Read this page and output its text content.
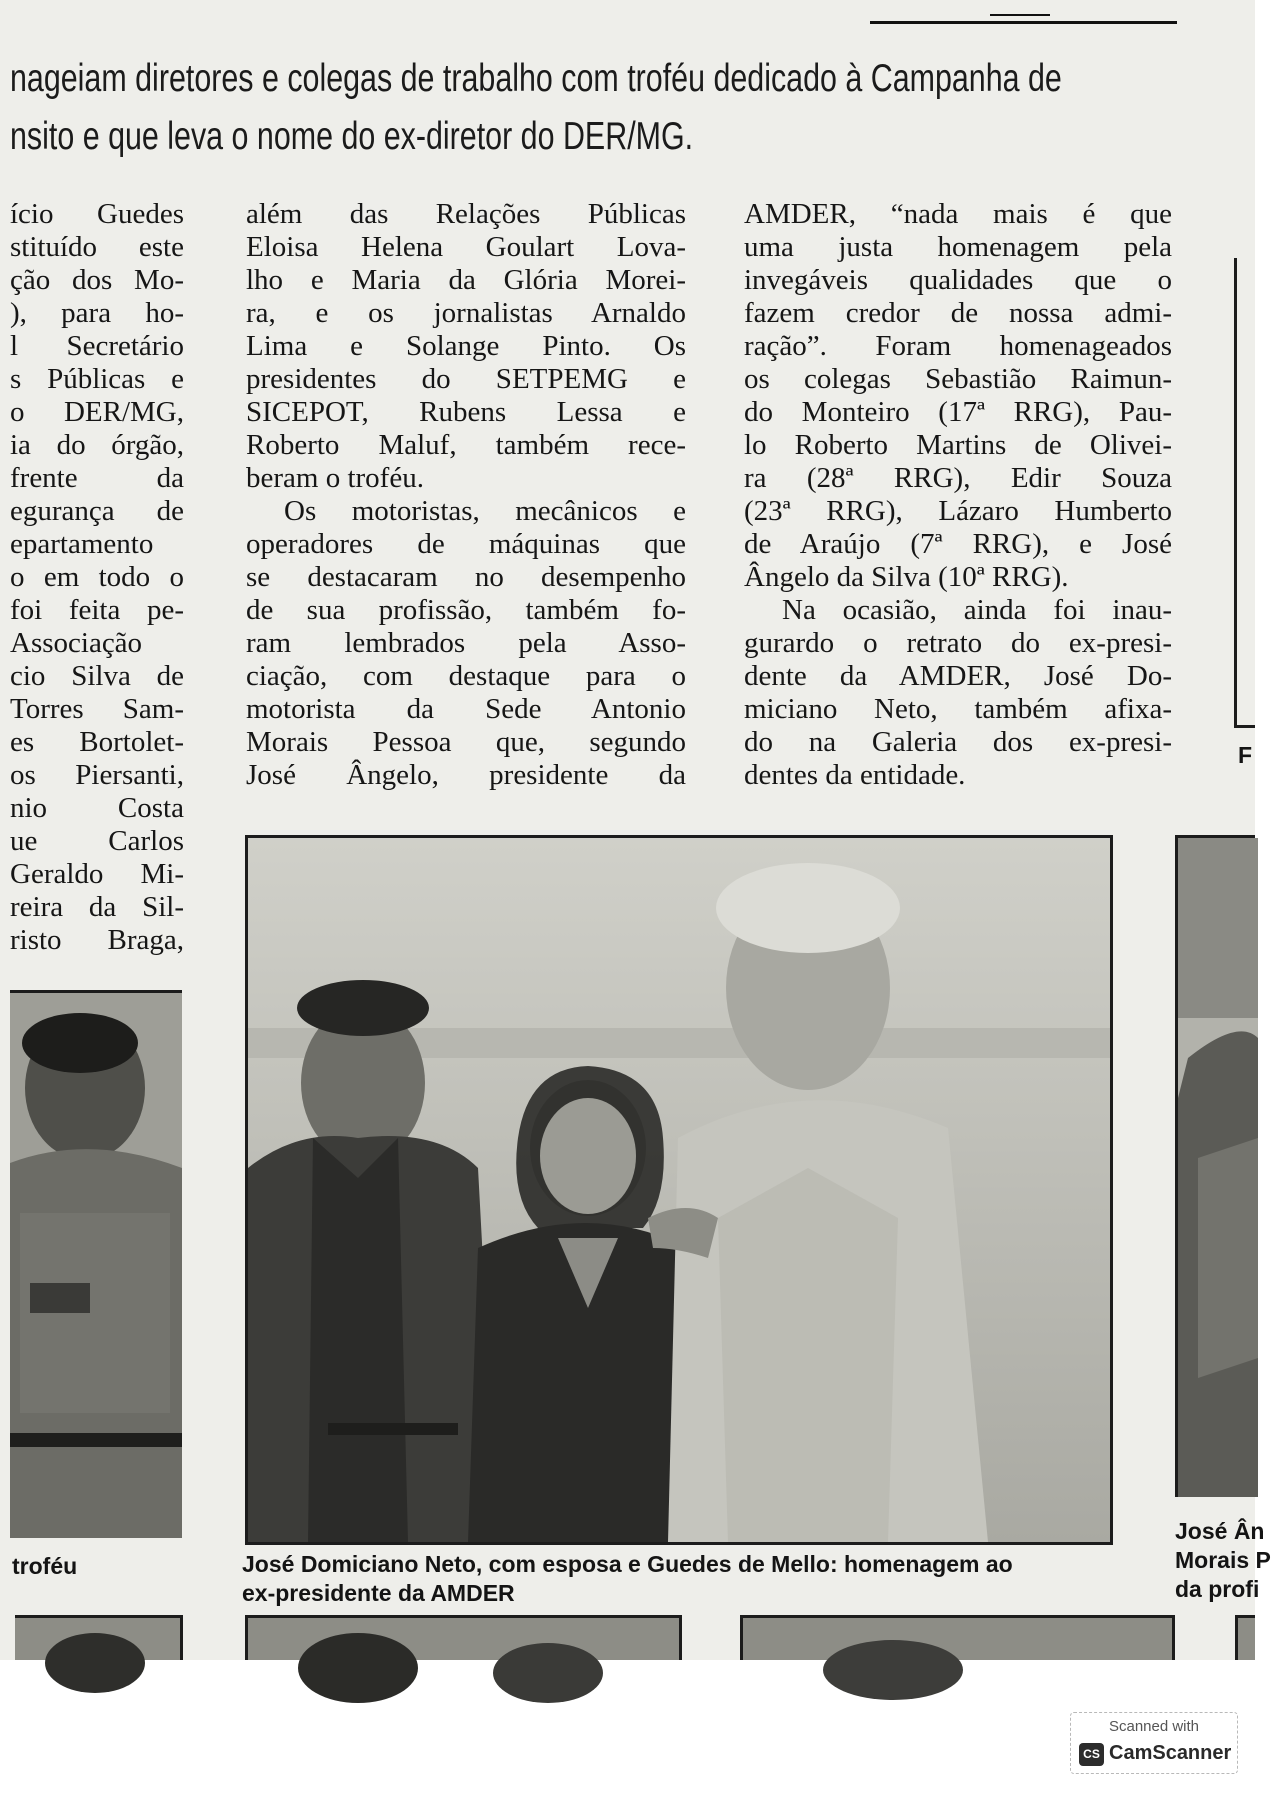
nageiam diretores e colegas de trabalho com troféu dedicado à Campanha de
nsito e que leva o nome do ex-diretor do DER/MG.
ício Guedes
stituído este
ção dos Mo-
), para ho-
l Secretário
s Públicas e
o DER/MG,
ia do órgão,
frente da
egurança de
epartamento
o em todo o
foi feita pe-
Associação
cio Silva de
Torres Sam-
es Bortolet-
os Piersanti,
nio Costa
ue Carlos
Geraldo Mi-
reira da Sil-
risto Braga,
além das Relações Públicas
Eloisa Helena Goulart Lova-
lho e Maria da Glória Morei-
ra, e os jornalistas Arnaldo
Lima e Solange Pinto. Os
presidentes do SETPEMG e
SICEPOT, Rubens Lessa e
Roberto Maluf, também rece-
beram o troféu.
Os motoristas, mecânicos e
operadores de máquinas que
se destacaram no desempenho
de sua profissão, também fo-
ram lembrados pela Asso-
ciação, com destaque para o
motorista da Sede Antonio
Morais Pessoa que, segundo
José Ângelo, presidente da
AMDER, “nada mais é que
uma justa homenagem pela
invegáveis qualidades que o
fazem credor de nossa admi-
ração”. Foram homenageados
os colegas Sebastião Raimun-
do Monteiro (17ª RRG), Pau-
lo Roberto Martins de Olivei-
ra (28ª RRG), Edir Souza
(23ª RRG), Lázaro Humberto
de Araújo (7ª RRG), e José
Ângelo da Silva (10ª RRG).
Na ocasião, ainda foi inau-
gurardo o retrato do ex-presi-
dente da AMDER, José Do-
miciano Neto, também afixa-
do na Galeria dos ex-presi-
dentes da entidade.
F
José Domiciano Neto, com esposa e Guedes de Mello: homenagem ao
ex-presidente da AMDER
troféu
José Ân
Morais P
da profi
Scanned with
CS CamScanner
